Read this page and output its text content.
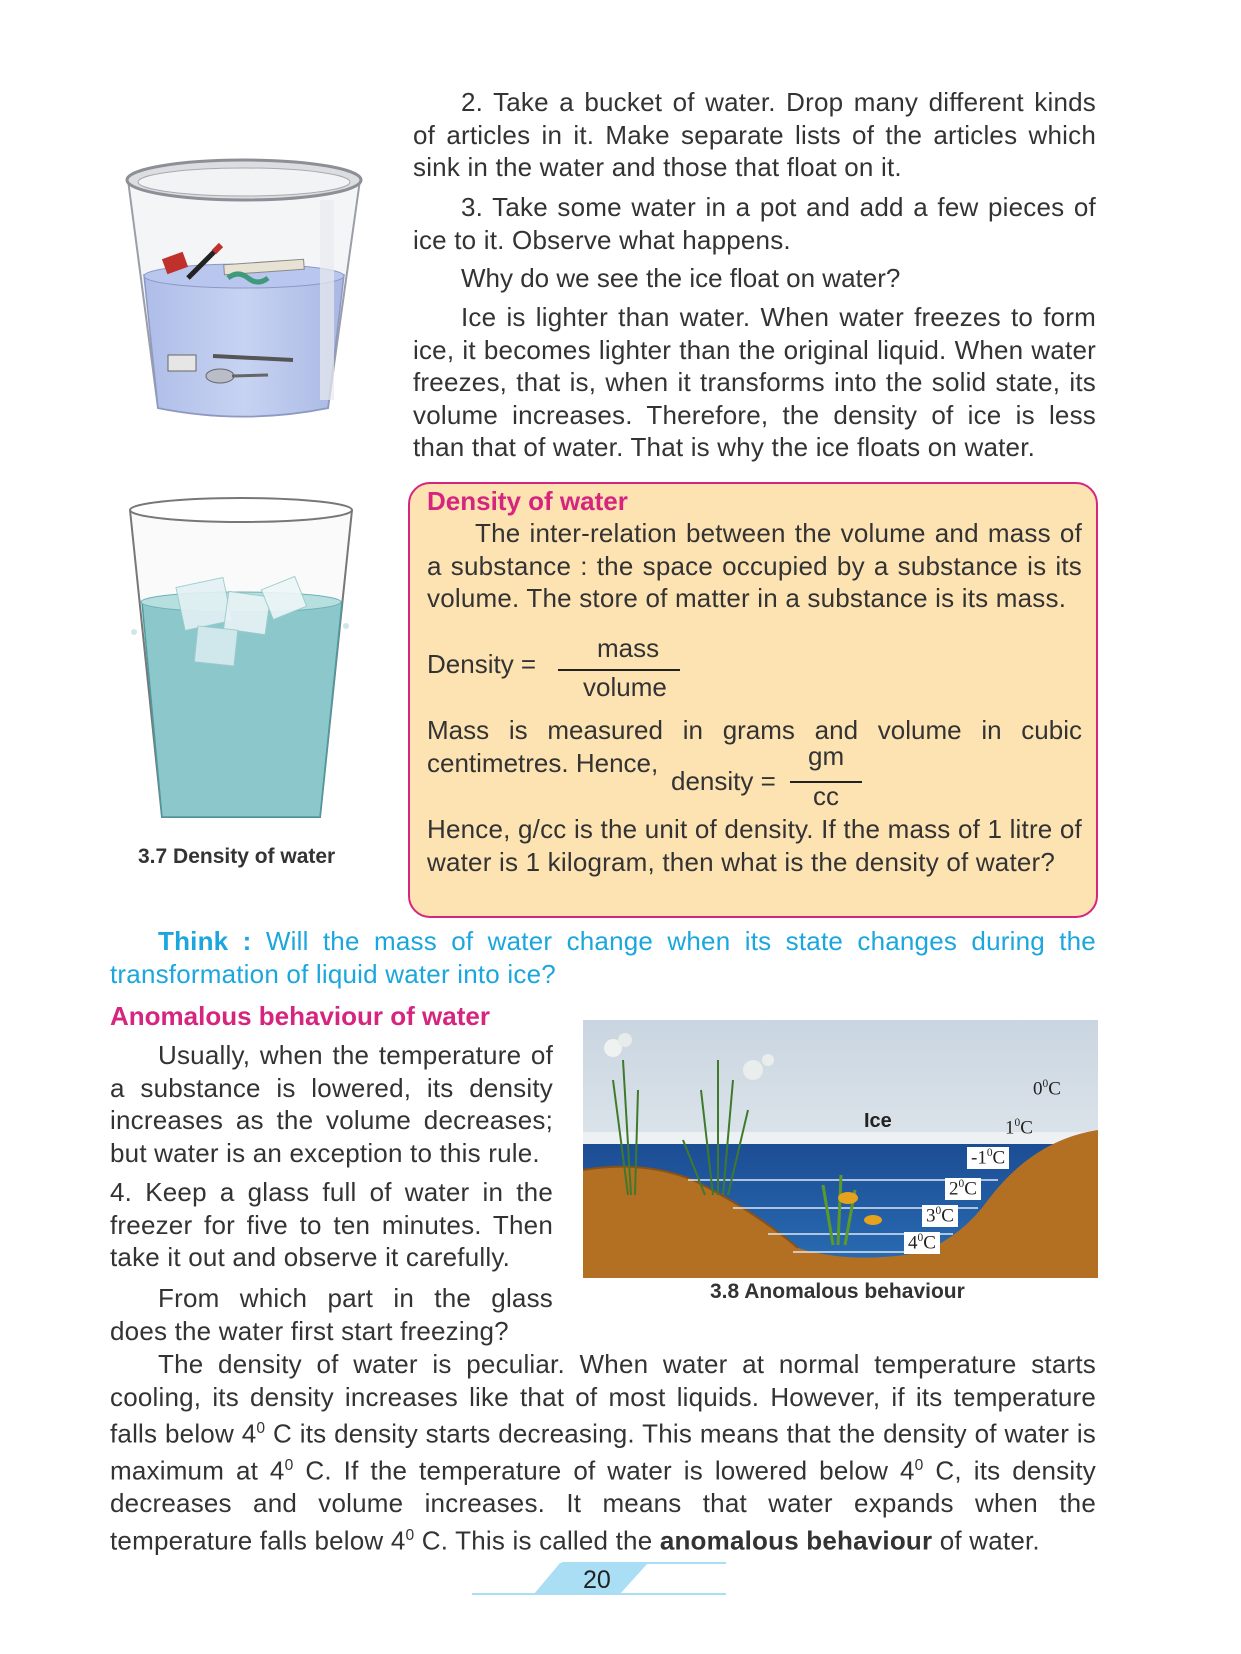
3.7 Density of water
2. Take a bucket of water. Drop many different kinds of articles in it. Make separate lists of the articles which sink in the water and those that float on it.
3. Take some water in a pot and add a few pieces of ice to it. Observe what happens.
Why do we see the ice float on water?
Ice is lighter than water. When water freezes to form ice, it becomes lighter than the original liquid. When water freezes, that is, when it transforms into the solid state, its volume increases. Therefore, the density of ice is less than that of water. That is why the ice floats on water.
Density of water
The inter-relation between the volume and mass of a substance : the space occupied by a substance is its volume. The store of matter in a substance is its mass.
Density =
mass
volume
Mass is measured in grams and volume in cubic
centimetres. Hence,
density =
gm
cc
Hence, g/cc is the unit of density. If the mass of 1 litre of water is 1 kilogram, then what is the density of water?
Think : Will the mass of water change when its state changes during the transformation of liquid water into ice?
Anomalous behaviour of water
Usually, when the temperature of a substance is lowered, its density increases as the volume decreases; but water is an exception to this rule.
4. Keep a glass full of water in the freezer for five to ten minutes. Then take it out and observe it carefully.
From which part in the glass does the water first start freezing?
Ice
$0^0C$
$1^0C$
$-1^0C$
$2^0C$
$3^0C$
$4^0C$
3.8 Anomalous behaviour
The density of water is peculiar. When water at normal temperature starts cooling, its density increases like that of most liquids. However, if its temperature falls below $4^0$ C its density starts decreasing. This means that the density of water is maximum at $4^0$ C. If the temperature of water is lowered below $4^0$ C, its density decreases and volume increases. It means that water expands when the temperature falls below $4^0$ C. This is called the anomalous behaviour of water.
20
